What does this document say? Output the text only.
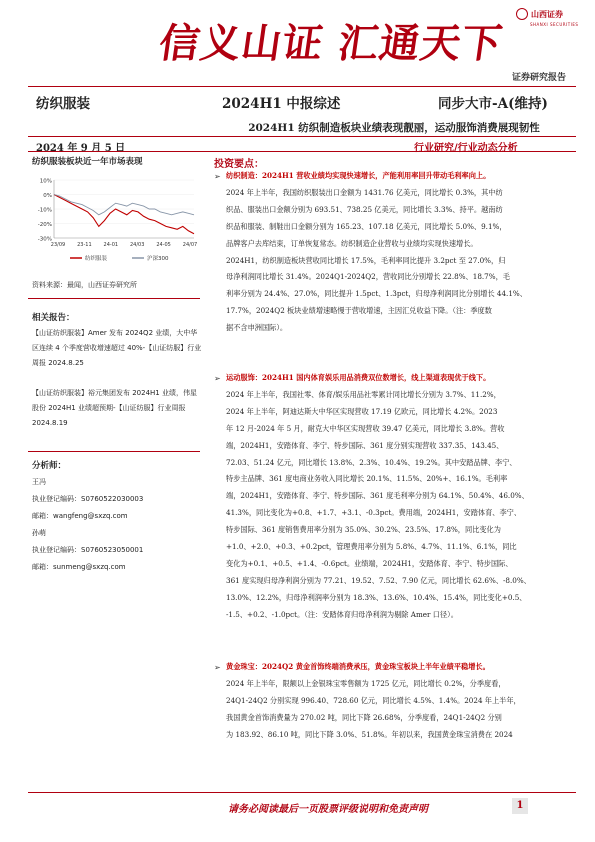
信义山证 汇通天下
山西证券
SHANXI SECURITIES
证券研究报告
纺织服装	2024H1 中报综述	同步大市-A(维持)
2024H1 纺织制造板块业绩表现靓丽，运动服饰消费展现韧性
2024 年 9 月 5 日	行业研究/行业动态分析
纺织服装板块近一年市场表现
10%
0%
-10%
-20%
-30%
23/09 23-11 24-01 24/03 24-05 24/07
纺织服装	沪深300
资料来源：最闻，山西证券研究所
相关报告：
【山证纺织服装】Amer 发布 2024Q2 业绩，大中华区连续 4 个季度营收增速超过 40%-【山证纺服】行业周报 2024.8.25
【山证纺织服装】裕元集团发布 2024H1 业绩，伟星股份 2024H1 业绩超预期-【山证纺服】行业周报 2024.8.19
分析师：
王冯
执业登记编码：S0760522030003
邮箱：wangfeng@sxzq.com
孙萌
执业登记编码：S0760523050001
邮箱：sunmeng@sxzq.com
投资要点：
➢ 纺织制造：2024H1 营收业绩均实现快速增长，产能利用率回升带动毛利率向上。
2024 年上半年，我国纺织服装出口金额为 1431.76 亿美元，同比增长 0.3%，其中纺
织品、服装出口金额分别为 693.51、738.25 亿美元，同比增长 3.3%、持平。越南纺
织品和服装、制鞋出口金额分别为 165.23、107.18 亿美元，同比增长 5.0%、9.1%，
品牌客户去库结束，订单恢复常态。纺织制造企业营收与业绩均实现快速增长。
2024H1，纺织制造板块营收同比增长 17.5%，毛利率同比提升 3.2pct 至 27.0%，归
母净利润同比增长 31.4%。2024Q1-2024Q2，营收同比分别增长 22.8%、18.7%，毛
利率分别为 24.4%、27.0%，同比提升 1.5pct、1.3pct，归母净利润同比分别增长 44.1%、
17.7%，2024Q2 板块业绩增速略慢于营收增速，主因汇兑收益下降。（注：季度数
据不含申洲国际）。
➢ 运动服饰：2024H1 国内体育娱乐用品消费双位数增长，线上渠道表现优于线下。
2024 年上半年，我国社零、体育/娱乐用品社零累计同比增长分别为 3.7%、11.2%，
2024 年上半年，阿迪达斯大中华区实现营收 17.19 亿欧元，同比增长 4.2%。2023
年 12 月-2024 年 5 月，耐克大中华区实现营收 39.47 亿美元，同比增长 3.8%。营收
端，2024H1，安踏体育、李宁、特步国际、361 度分别实现营收 337.35、143.45、
72.03、51.24 亿元，同比增长 13.8%、2.3%、10.4%、19.2%。其中安踏品牌、李宁、
特步主品牌、361 度电商业务收入同比增长 20.1%、11.5%、20%+、16.1%。毛利率
端，2024H1，安踏体育、李宁、特步国际、361 度毛利率分别为 64.1%、50.4%、46.0%、
41.3%，同比变化为+0.8、+1.7、+3.1、-0.3pct。费用端，2024H1，安踏体育、李宁、
特步国际、361 度销售费用率分别为 35.0%、30.2%、23.5%、17.8%，同比变化为
+1.0、+2.0、+0.3、+0.2pct，管理费用率分别为 5.8%、4.7%、11.1%、6.1%，同比
变化为+0.1、+0.5、+1.4、-0.6pct。业绩端，2024H1，安踏体育、李宁、特步国际、
361 度实现归母净利润分别为 77.21、19.52、7.52、7.90 亿元，同比增长 62.6%、-8.0%、
13.0%、12.2%，归母净利润率分别为 18.3%、13.6%、10.4%、15.4%，同比变化+0.5、
-1.5、+0.2、-1.0pct。（注：安踏体育归母净利润为剔除 Amer 口径）。
➢ 黄金珠宝：2024Q2 黄金首饰终端消费承压，黄金珠宝板块上半年业绩平稳增长。
2024 年上半年，限额以上金银珠宝零售额为 1725 亿元，同比增长 0.2%，分季度看，
24Q1-24Q2 分别实现 996.40、728.60 亿元，同比增长 4.5%、1.4%。2024 年上半年，
我国黄金首饰消费量为 270.02 吨，同比下降 26.68%，分季度看，24Q1-24Q2 分别
为 183.92、86.10 吨，同比下降 3.0%、51.8%。年初以来，我国黄金珠宝消费在 2024
请务必阅读最后一页股票评级说明和免责声明	1
